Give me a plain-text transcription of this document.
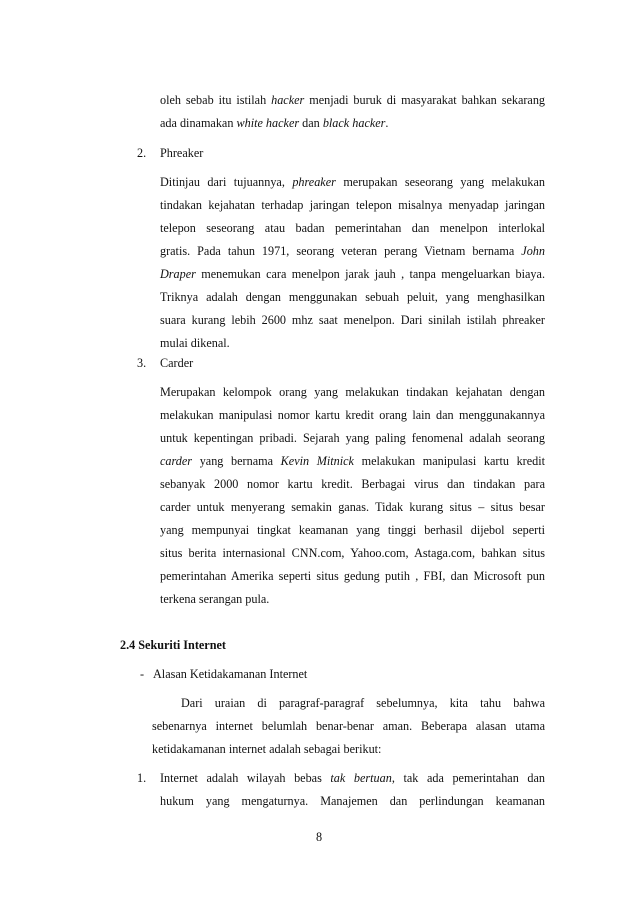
oleh sebab itu istilah hacker menjadi buruk di masyarakat bahkan sekarang

ada dinamakan white hacker dan black hacker.

2. Phreaker

Ditinjau dari tujuannya, phreaker merupakan seseorang yang melakukan

tindakan kejahatan terhadap jaringan telepon misalnya menyadap jaringan

telepon seseorang atau badan pemerintahan dan menelpon interlokal

gratis. Pada tahun 1971, seorang veteran perang Vietnam bernama John

Draper menemukan cara menelpon jarak jauh , tanpa mengeluarkan biaya.

Triknya adalah dengan menggunakan sebuah peluit, yang menghasilkan

suara kurang lebih 2600 mhz saat menelpon. Dari sinilah istilah phreaker

mulai dikenal.

3. Carder

Merupakan kelompok orang yang melakukan tindakan kejahatan dengan

melakukan manipulasi nomor kartu kredit orang lain dan menggunakannya

untuk kepentingan pribadi. Sejarah yang paling fenomenal adalah seorang

carder yang bernama Kevin Mitnick melakukan manipulasi kartu kredit

sebanyak 2000 nomor kartu kredit. Berbagai virus dan tindakan para

carder untuk menyerang semakin ganas. Tidak kurang situs – situs besar

yang mempunyai tingkat keamanan yang tinggi berhasil dijebol seperti

situs berita internasional CNN.com, Yahoo.com, Astaga.com, bahkan situs

pemerintahan Amerika seperti situs gedung putih , FBI, dan Microsoft pun

terkena serangan pula.

2.4 Sekuriti Internet

- Alasan Ketidakamanan Internet

Dari uraian di paragraf-paragraf sebelumnya, kita tahu bahwa

sebenarnya internet belumlah benar-benar aman. Beberapa alasan utama

ketidakamanan internet adalah sebagai berikut:

1. Internet adalah wilayah bebas tak bertuan, tak ada pemerintahan dan

hukum yang mengaturnya. Manajemen dan perlindungan keamanan

8
